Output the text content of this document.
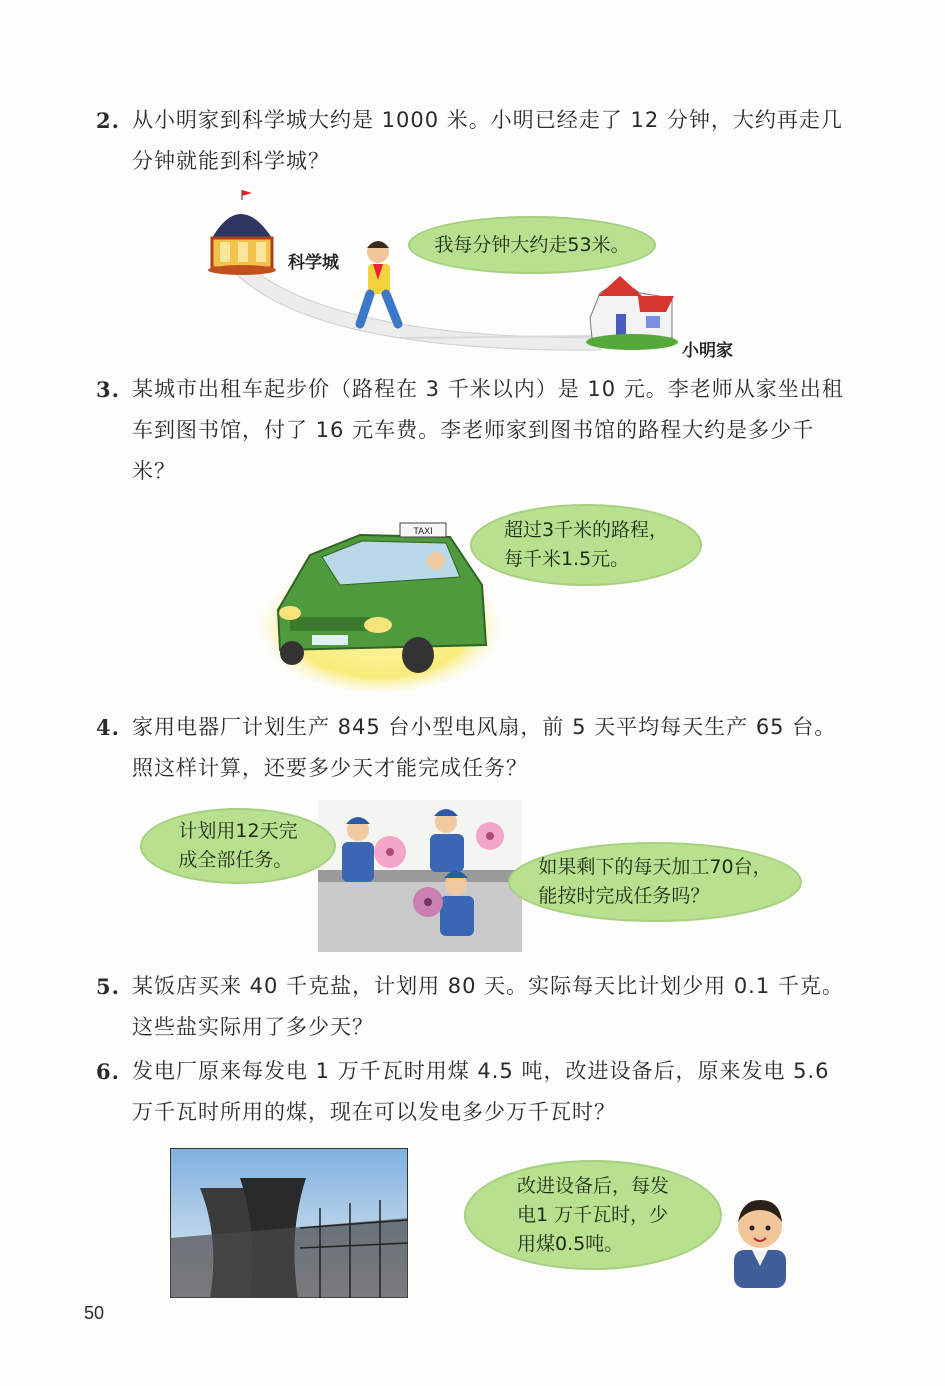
2. 从小明家到科学城大约是 1000 米。小明已经走了 12 分钟，大约再走几分钟就能到科学城？
科学城
小明家
我每分钟大约走53米。
3. 某城市出租车起步价（路程在 3 千米以内）是 10 元。李老师从家坐出租车到图书馆，付了 16 元车费。李老师家到图书馆的路程大约是多少千米？
TAXI	超过3千米的路程，
每千米1.5元。
4. 家用电器厂计划生产 845 台小型电风扇，前 5 天平均每天生产 65 台。照这样计算，还要多少天才能完成任务？
计划用12天完
成全部任务。	如果剩下的每天加工70台，
能按时完成任务吗？
5. 某饭店买来 40 千克盐，计划用 80 天。实际每天比计划少用 0.1 千克。这些盐实际用了多少天？
6. 发电厂原来每发电 1 万千瓦时用煤 4.5 吨，改进设备后，原来发电 5.6 万千瓦时所用的煤，现在可以发电多少万千瓦时？
改进设备后，每发
电1 万千瓦时，少
用煤0.5吨。
50
